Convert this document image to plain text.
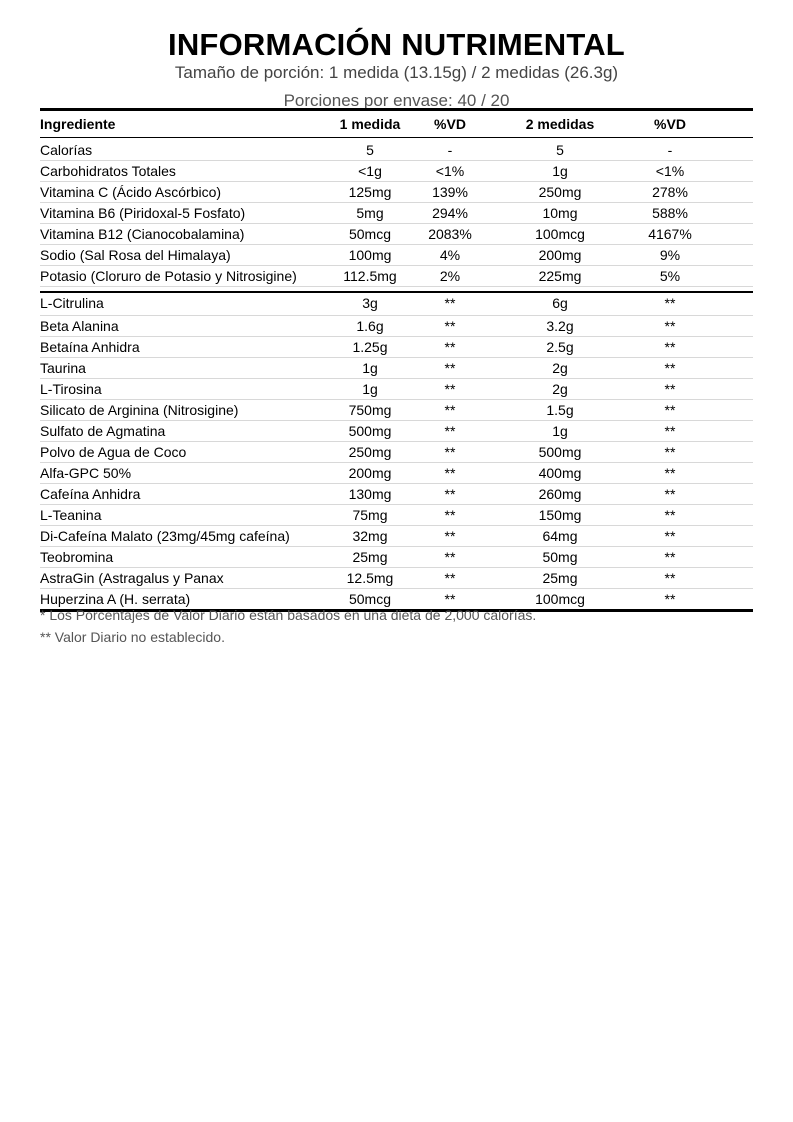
INFORMACIÓN NUTRIMENTAL
Tamaño de porción: 1 medida (13.15g) / 2 medidas (26.3g)
Porciones por envase: 40 / 20
Ingrediente	1 medida	%VD	2 medidas	%VD
Calorías	5	-	5	-
Carbohidratos Totales	<1g	<1%	1g	<1%
Vitamina C (Ácido Ascórbico)	125mg	139%	250mg	278%
Vitamina B6 (Piridoxal-5 Fosfato)	5mg	294%	10mg	588%
Vitamina B12 (Cianocobalamina)	50mcg	2083%	100mcg	4167%
Sodio (Sal Rosa del Himalaya)	100mg	4%	200mg	9%
Potasio (Cloruro de Potasio y Nitrosigine)	112.5mg	2%	225mg	5%
L-Citrulina	3g	**	6g	**
Beta Alanina	1.6g	**	3.2g	**
Betaína Anhidra	1.25g	**	2.5g	**
Taurina	1g	**	2g	**
L-Tirosina	1g	**	2g	**
Silicato de Arginina (Nitrosigine)	750mg	**	1.5g	**
Sulfato de Agmatina	500mg	**	1g	**
Polvo de Agua de Coco	250mg	**	500mg	**
Alfa-GPC 50%	200mg	**	400mg	**
Cafeína Anhidra	130mg	**	260mg	**
L-Teanina	75mg	**	150mg	**
Di-Cafeína Malato (23mg/45mg cafeína)	32mg	**	64mg	**
Teobromina	25mg	**	50mg	**
AstraGin (Astragalus y Panax	12.5mg	**	25mg	**
Huperzina A (H. serrata)	50mcg	**	100mcg	**
* Los Porcentajes de Valor Diario están basados en una dieta de 2,000 calorías.
** Valor Diario no establecido.
